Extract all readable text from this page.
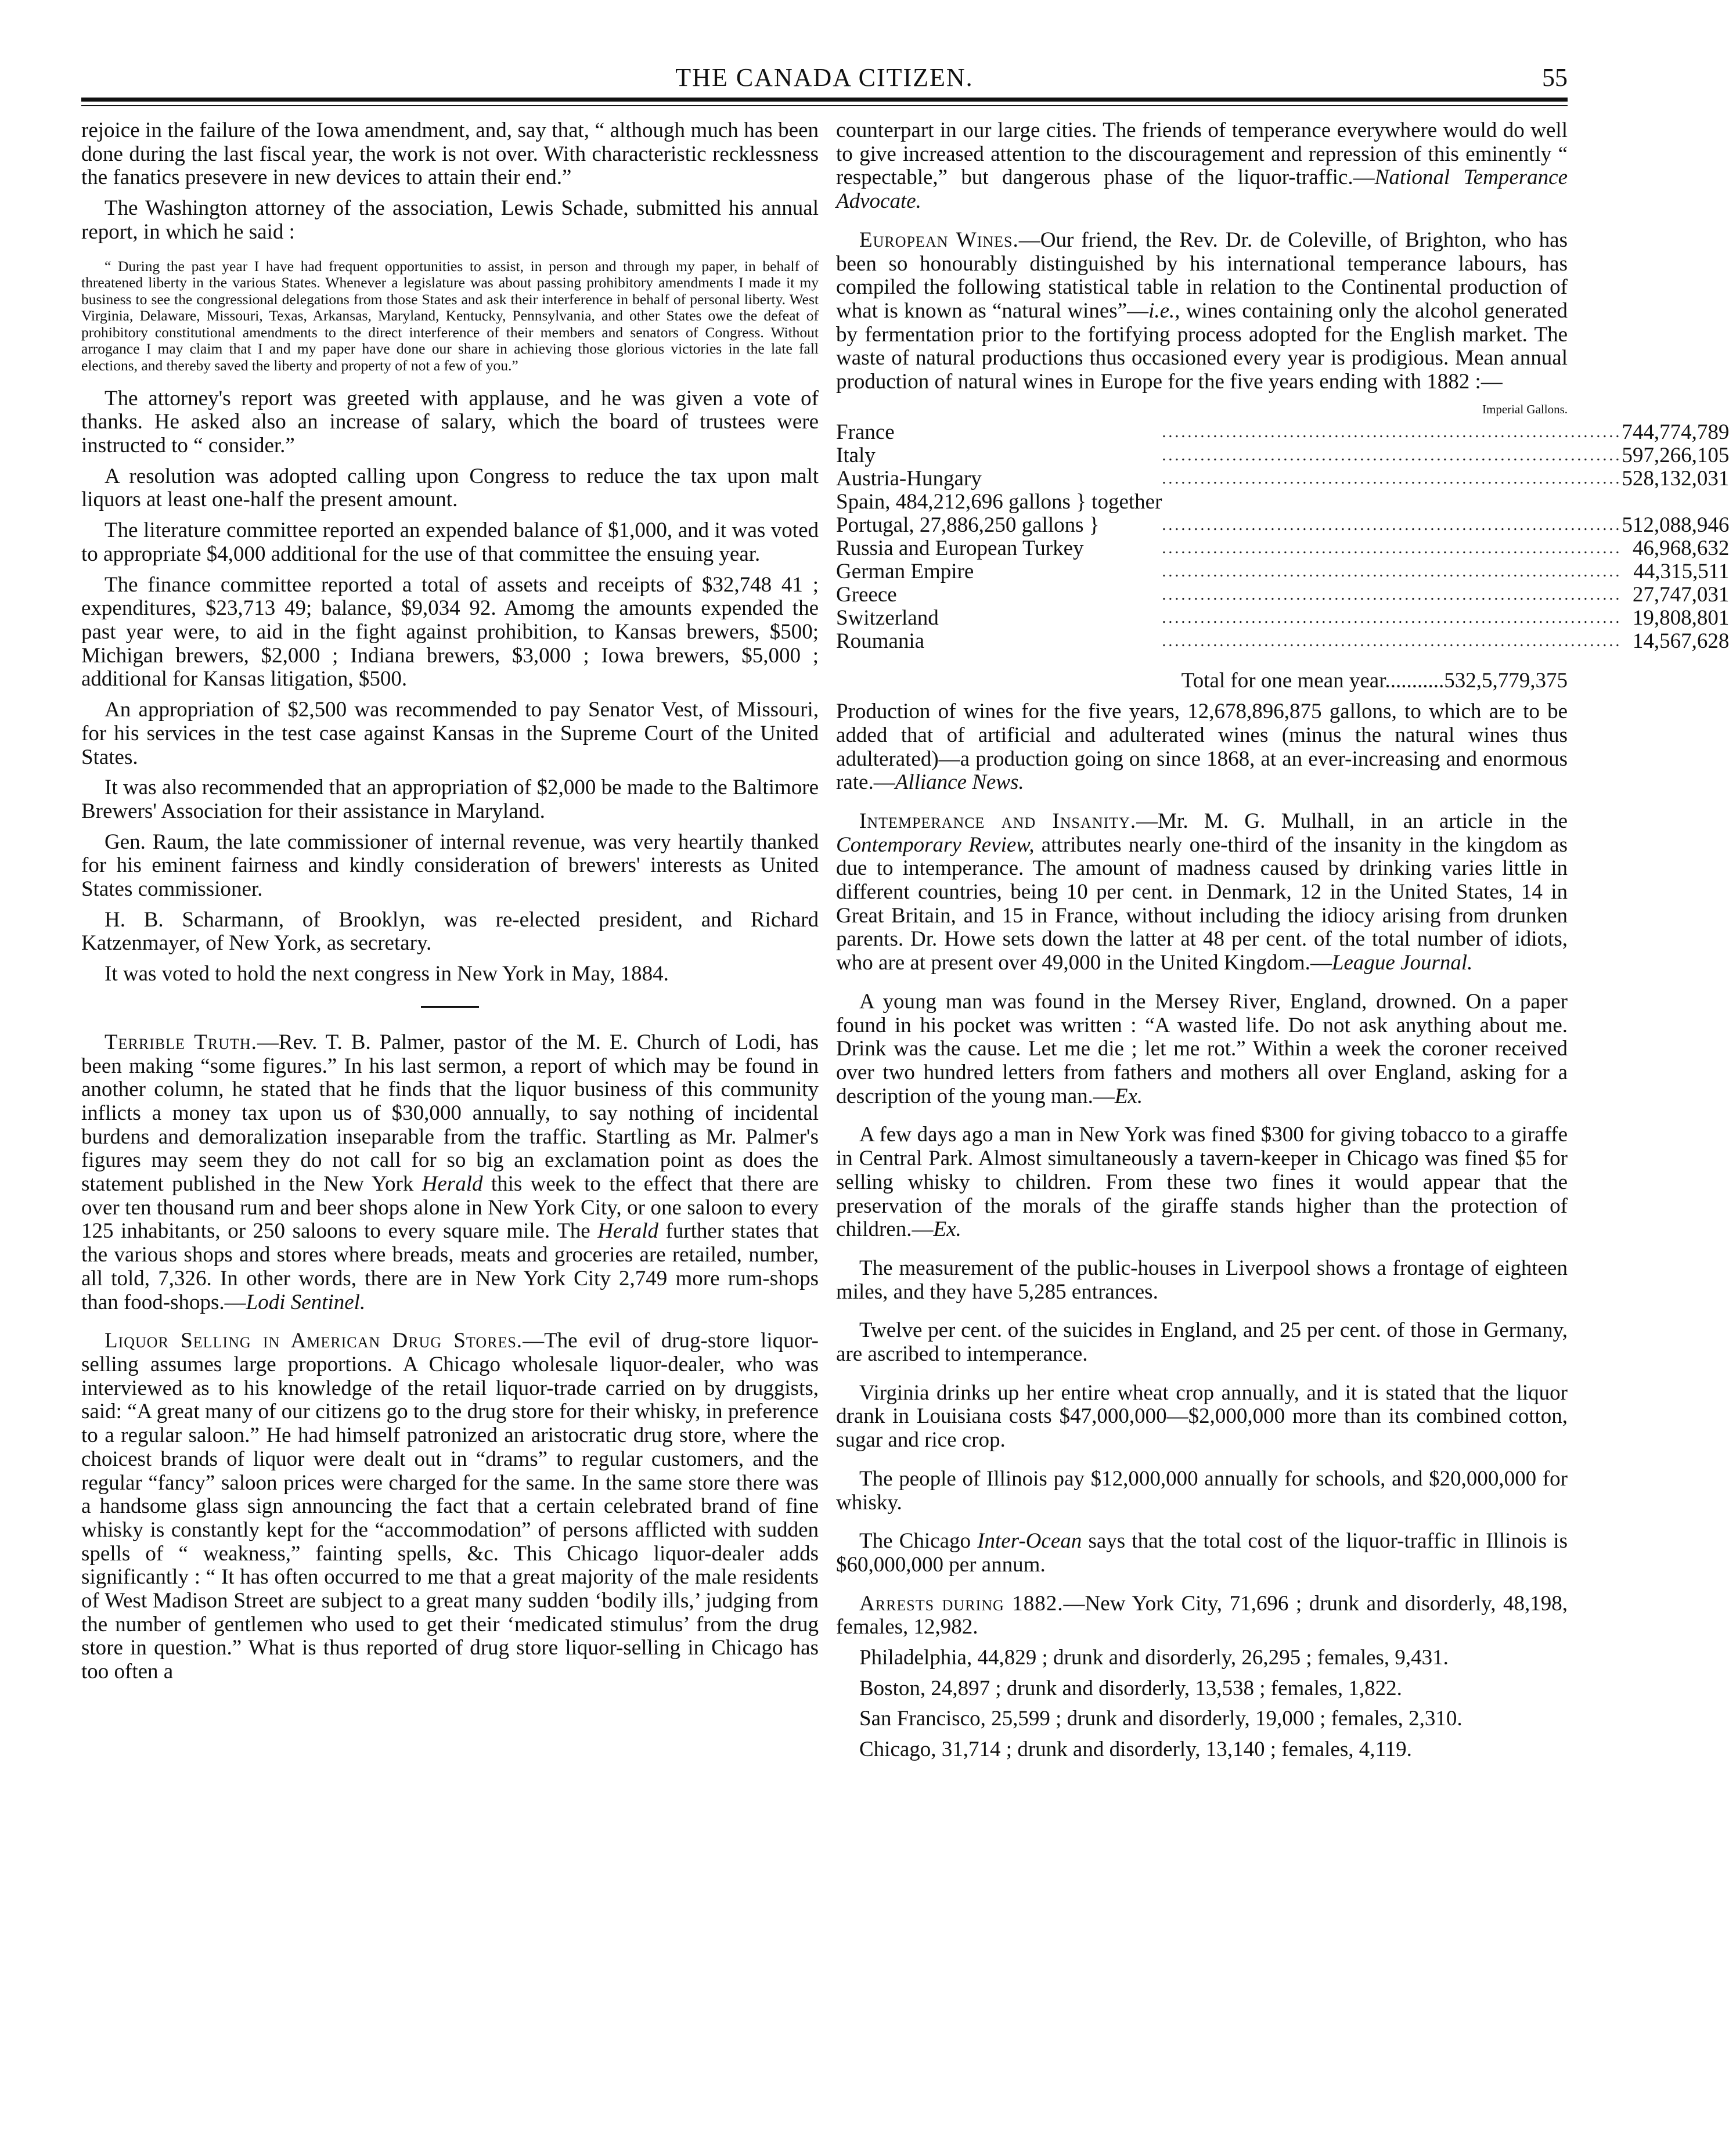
THE CANADA CITIZEN.	55

rejoice in the failure of the Iowa amendment, and, say that, “ although much has been done during the last fiscal year, the work is not over. With characteristic recklessness the fanatics presevere in new devices to attain their end.”

The Washington attorney of the association, Lewis Schade, submitted his annual report, in which he said :

“ During the past year I have had frequent opportunities to assist, in person and through my paper, in behalf of threatened liberty in the various States. Whenever a legislature was about passing prohibitory amendments I made it my business to see the congressional delegations from those States and ask their interference in behalf of personal liberty. West Virginia, Delaware, Missouri, Texas, Arkansas, Maryland, Kentucky, Pennsylvania, and other States owe the defeat of prohibitory constitutional amendments to the direct interference of their members and senators of Congress. Without arrogance I may claim that I and my paper have done our share in achieving those glorious victories in the late fall elections, and thereby saved the liberty and property of not a few of you.”

The attorney's report was greeted with applause, and he was given a vote of thanks. He asked also an increase of salary, which the board of trustees were instructed to “ consider.”

A resolution was adopted calling upon Congress to reduce the tax upon malt liquors at least one-half the present amount.

The literature committee reported an expended balance of $1,000, and it was voted to appropriate $4,000 additional for the use of that committee the ensuing year.

The finance committee reported a total of assets and receipts of $32,748 41 ; expenditures, $23,713 49; balance, $9,034 92. Amomg the amounts expended the past year were, to aid in the fight against prohibition, to Kansas brewers, $500; Michigan brewers, $2,000 ; Indiana brewers, $3,000 ; Iowa brewers, $5,000 ; additional for Kansas litigation, $500.

An appropriation of $2,500 was recommended to pay Senator Vest, of Missouri, for his services in the test case against Kansas in the Supreme Court of the United States.

It was also recommended that an appropriation of $2,000 be made to the Baltimore Brewers' Association for their assistance in Maryland.

Gen. Raum, the late commissioner of internal revenue, was very heartily thanked for his eminent fairness and kindly consideration of brewers' interests as United States commissioner.

H. B. Scharmann, of Brooklyn, was re-elected president, and Richard Katzenmayer, of New York, as secretary.

It was voted to hold the next congress in New York in May, 1884.

Terrible Truth.—Rev. T. B. Palmer, pastor of the M. E. Church of Lodi, has been making “some figures.” In his last sermon, a report of which may be found in another column, he stated that he finds that the liquor business of this community inflicts a money tax upon us of $30,000 annually, to say nothing of incidental burdens and demoralization inseparable from the traffic. Startling as Mr. Palmer's figures may seem they do not call for so big an exclamation point as does the statement published in the New York Herald this week to the effect that there are over ten thousand rum and beer shops alone in New York City, or one saloon to every 125 inhabitants, or 250 saloons to every square mile. The Herald further states that the various shops and stores where breads, meats and groceries are retailed, number, all told, 7,326. In other words, there are in New York City 2,749 more rum-shops than food-shops.—Lodi Sentinel.

Liquor Selling in American Drug Stores.—The evil of drug-store liquor-selling assumes large proportions. A Chicago wholesale liquor-dealer, who was interviewed as to his knowledge of the retail liquor-trade carried on by druggists, said: “A great many of our citizens go to the drug store for their whisky, in preference to a regular saloon.” He had himself patronized an aristocratic drug store, where the choicest brands of liquor were dealt out in “drams” to regular customers, and the regular “fancy” saloon prices were charged for the same. In the same store there was a handsome glass sign announcing the fact that a certain celebrated brand of fine whisky is constantly kept for the “accommodation” of persons afflicted with sudden spells of “ weakness,” fainting spells, &c. This Chicago liquor-dealer adds significantly : “ It has often occurred to me that a great majority of the male residents of West Madison Street are subject to a great many sudden ‘bodily ills,’ judging from the number of gentlemen who used to get their ‘medicated stimulus’ from the drug store in question.” What is thus reported of drug store liquor-selling in Chicago has too often a

counterpart in our large cities. The friends of temperance everywhere would do well to give increased attention to the discouragement and repression of this eminently “ respectable,” but dangerous phase of the liquor-traffic.—National Temperance Advocate.

European Wines.—Our friend, the Rev. Dr. de Coleville, of Brighton, who has been so honourably distinguished by his international temperance labours, has compiled the following statistical table in relation to the Continental production of what is known as “natural wines”—i.e., wines containing only the alcohol generated by fermentation prior to the fortifying process adopted for the English market. The waste of natural productions thus occasioned every year is prodigious. Mean annual production of natural wines in Europe for the five years ending with 1882 :—

Imperial Gallons.
France	........................................................................	744,774,789
Italy	........................................................................	597,266,105
Austria-Hungary	........................................................................	528,132,031

Spain, 484,212,696 gallons } together
Portugal, 27,886,250 gallons }	........................................................................	512,088,946
Russia and European Turkey	........................................................................	46,968,632
German Empire	........................................................................	44,315,511
Greece	........................................................................	27,747,031
Switzerland	........................................................................	19,808,801
Roumania	........................................................................	14,567,628
Total for one mean year...........532,5,779,375

Production of wines for the five years, 12,678,896,875 gallons, to which are to be added that of artificial and adulterated wines (minus the natural wines thus adulterated)—a production going on since 1868, at an ever-increasing and enormous rate.—Alliance News.

Intemperance and Insanity.—Mr. M. G. Mulhall, in an article in the Contemporary Review, attributes nearly one-third of the insanity in the kingdom as due to intemperance. The amount of madness caused by drinking varies little in different countries, being 10 per cent. in Denmark, 12 in the United States, 14 in Great Britain, and 15 in France, without including the idiocy arising from drunken parents. Dr. Howe sets down the latter at 48 per cent. of the total number of idiots, who are at present over 49,000 in the United Kingdom.—League Journal.

A young man was found in the Mersey River, England, drowned. On a paper found in his pocket was written : “A wasted life. Do not ask anything about me. Drink was the cause. Let me die ; let me rot.” Within a week the coroner received over two hundred letters from fathers and mothers all over England, asking for a description of the young man.—Ex.

A few days ago a man in New York was fined $300 for giving tobacco to a giraffe in Central Park. Almost simultaneously a tavern-keeper in Chicago was fined $5 for selling whisky to children. From these two fines it would appear that the preservation of the morals of the giraffe stands higher than the protection of children.—Ex.

The measurement of the public-houses in Liverpool shows a frontage of eighteen miles, and they have 5,285 entrances.

Twelve per cent. of the suicides in England, and 25 per cent. of those in Germany, are ascribed to intemperance.

Virginia drinks up her entire wheat crop annually, and it is stated that the liquor drank in Louisiana costs $47,000,000—$2,000,000 more than its combined cotton, sugar and rice crop.

The people of Illinois pay $12,000,000 annually for schools, and $20,000,000 for whisky.

The Chicago Inter-Ocean says that the total cost of the liquor-traffic in Illinois is $60,000,000 per annum.

Arrests during 1882.—New York City, 71,696 ; drunk and disorderly, 48,198, females, 12,982.

Philadelphia, 44,829 ; drunk and disorderly, 26,295 ; females, 9,431.

Boston, 24,897 ; drunk and disorderly, 13,538 ; females, 1,822.

San Francisco, 25,599 ; drunk and disorderly, 19,000 ; females, 2,310.

Chicago, 31,714 ; drunk and disorderly, 13,140 ; females, 4,119.
